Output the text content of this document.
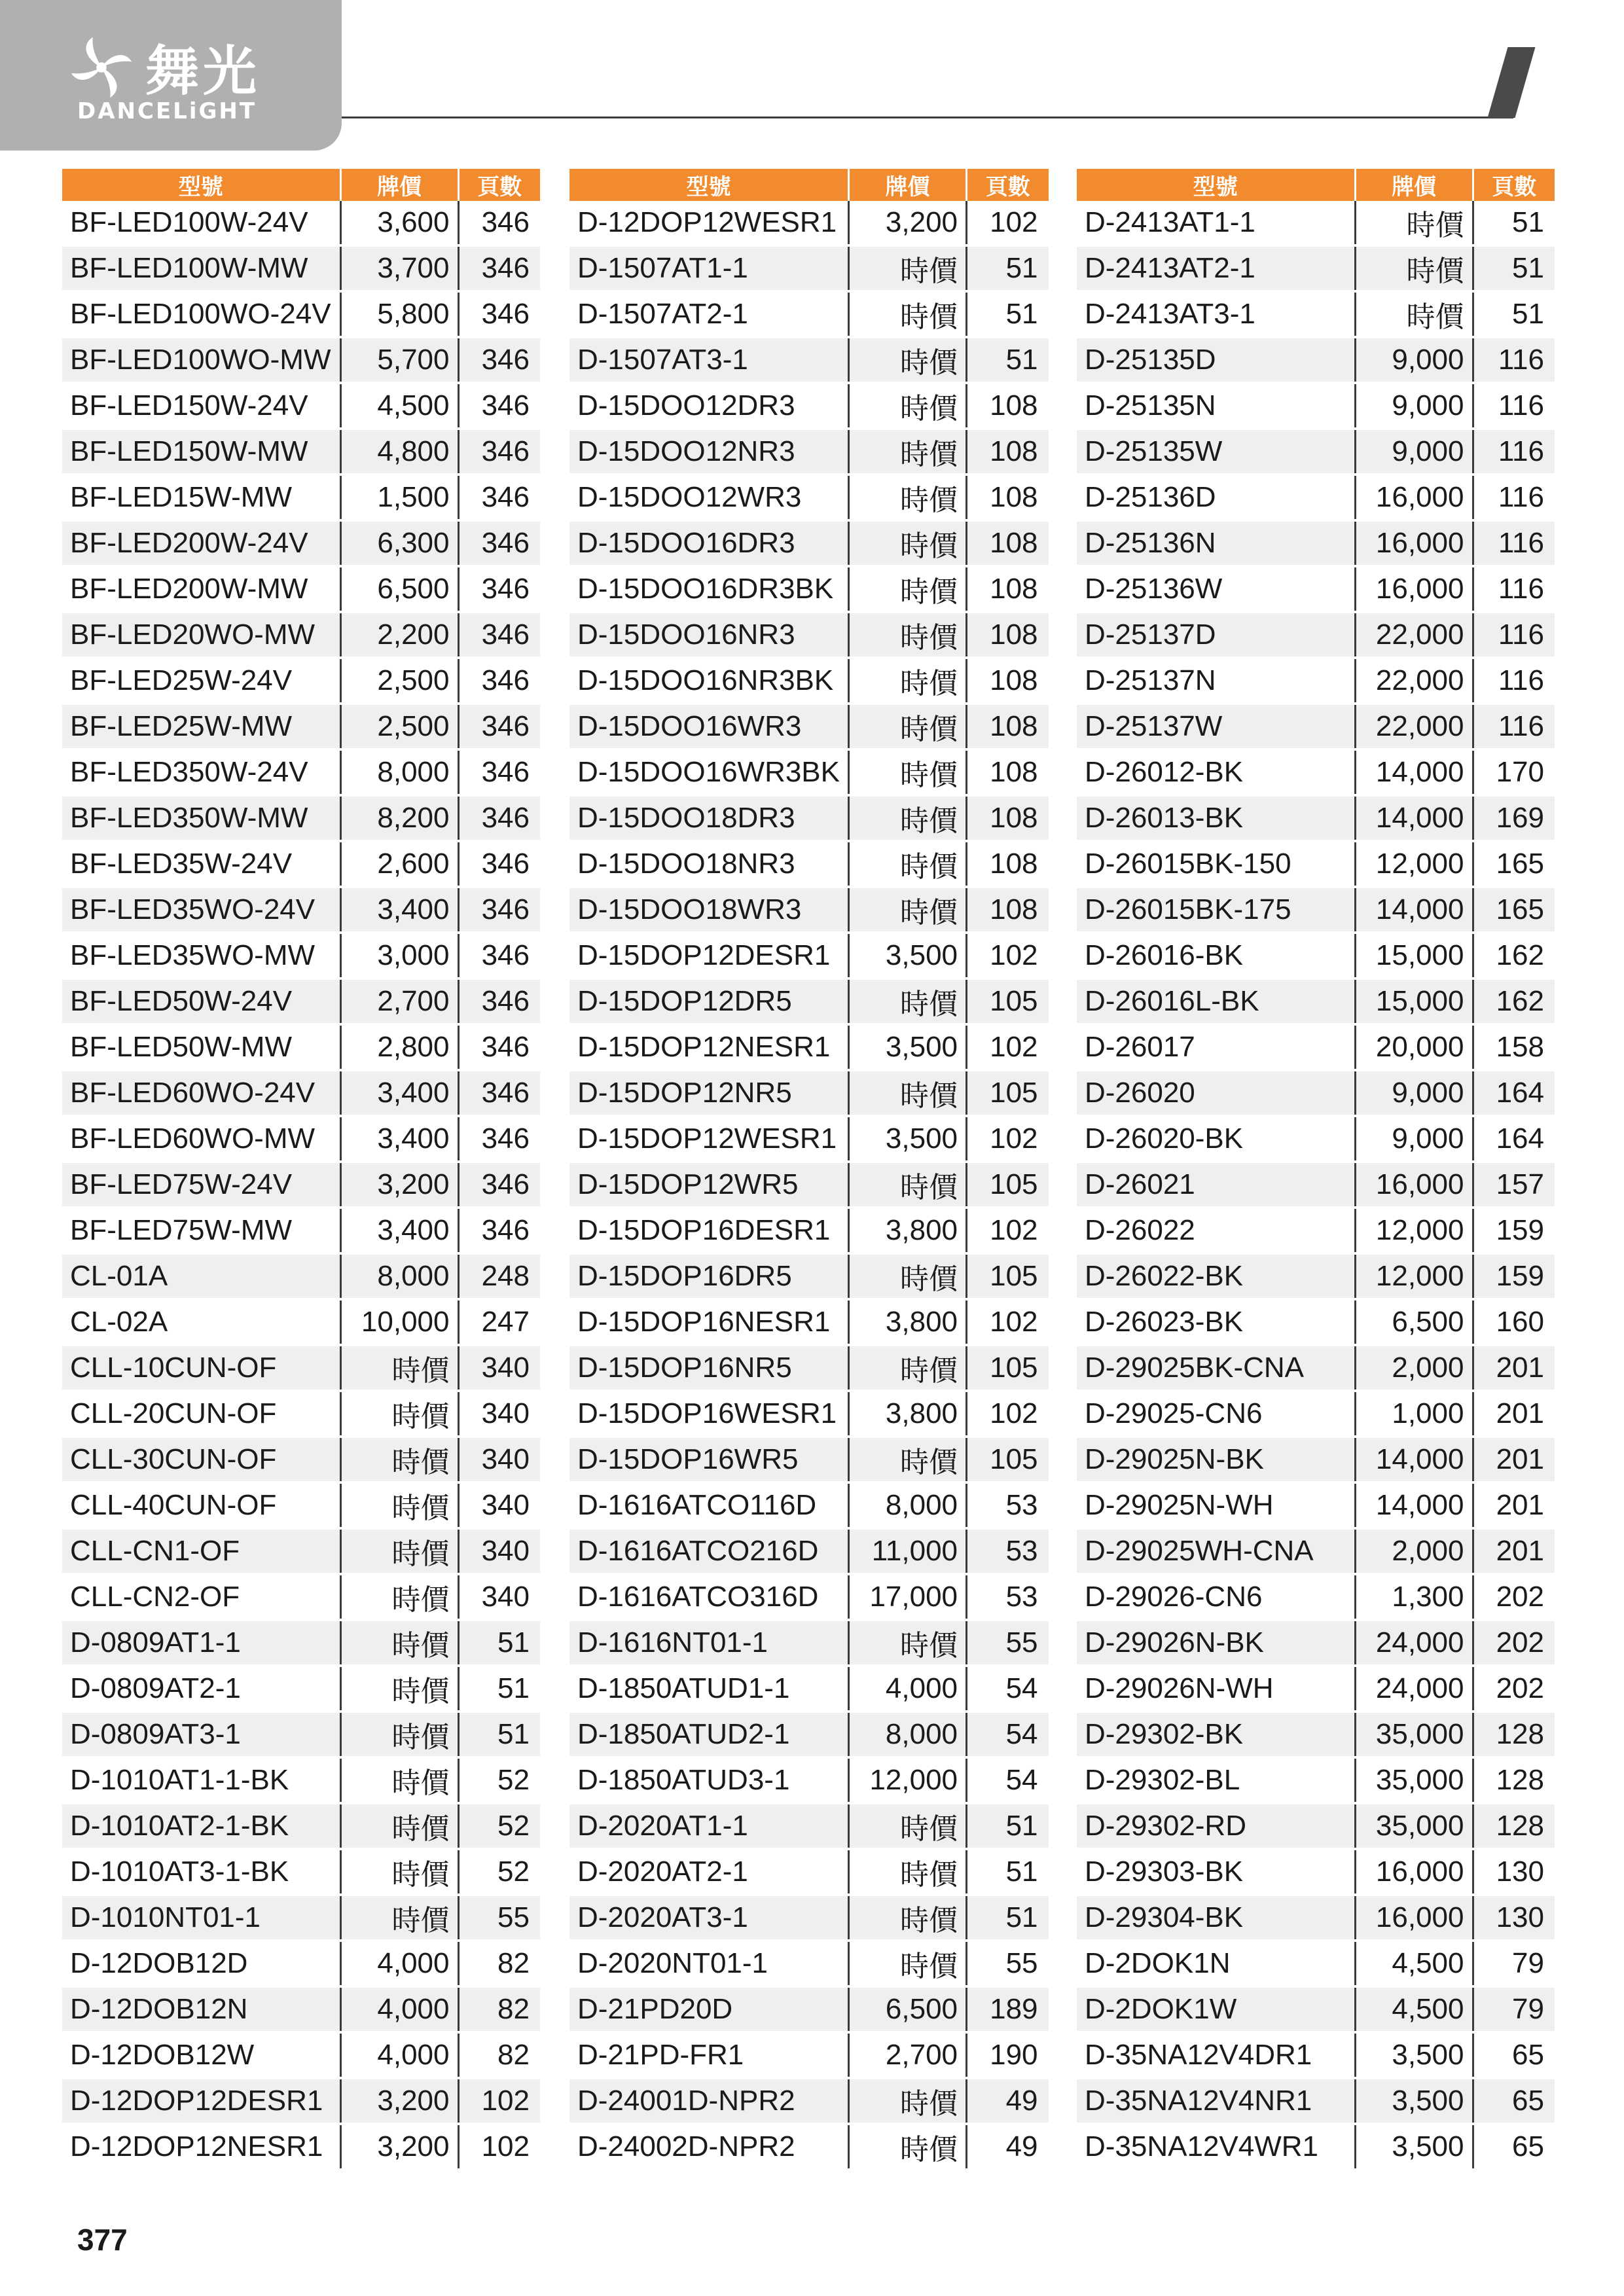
舞光
DANCELiGHT
型號	牌價	頁數
BF-LED100W-24V	3,600	346
BF-LED100W-MW	3,700	346
BF-LED100WO-24V	5,800	346
BF-LED100WO-MW	5,700	346
BF-LED150W-24V	4,500	346
BF-LED150W-MW	4,800	346
BF-LED15W-MW	1,500	346
BF-LED200W-24V	6,300	346
BF-LED200W-MW	6,500	346
BF-LED20WO-MW	2,200	346
BF-LED25W-24V	2,500	346
BF-LED25W-MW	2,500	346
BF-LED350W-24V	8,000	346
BF-LED350W-MW	8,200	346
BF-LED35W-24V	2,600	346
BF-LED35WO-24V	3,400	346
BF-LED35WO-MW	3,000	346
BF-LED50W-24V	2,700	346
BF-LED50W-MW	2,800	346
BF-LED60WO-24V	3,400	346
BF-LED60WO-MW	3,400	346
BF-LED75W-24V	3,200	346
BF-LED75W-MW	3,400	346
CL-01A	8,000	248
CL-02A	10,000	247
CLL-10CUN-OF	時價	340
CLL-20CUN-OF	時價	340
CLL-30CUN-OF	時價	340
CLL-40CUN-OF	時價	340
CLL-CN1-OF	時價	340
CLL-CN2-OF	時價	340
D-0809AT1-1	時價	51
D-0809AT2-1	時價	51
D-0809AT3-1	時價	51
D-1010AT1-1-BK	時價	52
D-1010AT2-1-BK	時價	52
D-1010AT3-1-BK	時價	52
D-1010NT01-1	時價	55
D-12DOB12D	4,000	82
D-12DOB12N	4,000	82
D-12DOB12W	4,000	82
D-12DOP12DESR1	3,200	102
D-12DOP12NESR1	3,200	102
型號	牌價	頁數
D-12DOP12WESR1	3,200	102
D-1507AT1-1	時價	51
D-1507AT2-1	時價	51
D-1507AT3-1	時價	51
D-15DOO12DR3	時價	108
D-15DOO12NR3	時價	108
D-15DOO12WR3	時價	108
D-15DOO16DR3	時價	108
D-15DOO16DR3BK	時價	108
D-15DOO16NR3	時價	108
D-15DOO16NR3BK	時價	108
D-15DOO16WR3	時價	108
D-15DOO16WR3BK	時價	108
D-15DOO18DR3	時價	108
D-15DOO18NR3	時價	108
D-15DOO18WR3	時價	108
D-15DOP12DESR1	3,500	102
D-15DOP12DR5	時價	105
D-15DOP12NESR1	3,500	102
D-15DOP12NR5	時價	105
D-15DOP12WESR1	3,500	102
D-15DOP12WR5	時價	105
D-15DOP16DESR1	3,800	102
D-15DOP16DR5	時價	105
D-15DOP16NESR1	3,800	102
D-15DOP16NR5	時價	105
D-15DOP16WESR1	3,800	102
D-15DOP16WR5	時價	105
D-1616ATCO116D	8,000	53
D-1616ATCO216D	11,000	53
D-1616ATCO316D	17,000	53
D-1616NT01-1	時價	55
D-1850ATUD1-1	4,000	54
D-1850ATUD2-1	8,000	54
D-1850ATUD3-1	12,000	54
D-2020AT1-1	時價	51
D-2020AT2-1	時價	51
D-2020AT3-1	時價	51
D-2020NT01-1	時價	55
D-21PD20D	6,500	189
D-21PD-FR1	2,700	190
D-24001D-NPR2	時價	49
D-24002D-NPR2	時價	49
型號	牌價	頁數
D-2413AT1-1	時價	51
D-2413AT2-1	時價	51
D-2413AT3-1	時價	51
D-25135D	9,000	116
D-25135N	9,000	116
D-25135W	9,000	116
D-25136D	16,000	116
D-25136N	16,000	116
D-25136W	16,000	116
D-25137D	22,000	116
D-25137N	22,000	116
D-25137W	22,000	116
D-26012-BK	14,000	170
D-26013-BK	14,000	169
D-26015BK-150	12,000	165
D-26015BK-175	14,000	165
D-26016-BK	15,000	162
D-26016L-BK	15,000	162
D-26017	20,000	158
D-26020	9,000	164
D-26020-BK	9,000	164
D-26021	16,000	157
D-26022	12,000	159
D-26022-BK	12,000	159
D-26023-BK	6,500	160
D-29025BK-CNA	2,000	201
D-29025-CN6	1,000	201
D-29025N-BK	14,000	201
D-29025N-WH	14,000	201
D-29025WH-CNA	2,000	201
D-29026-CN6	1,300	202
D-29026N-BK	24,000	202
D-29026N-WH	24,000	202
D-29302-BK	35,000	128
D-29302-BL	35,000	128
D-29302-RD	35,000	128
D-29303-BK	16,000	130
D-29304-BK	16,000	130
D-2DOK1N	4,500	79
D-2DOK1W	4,500	79
D-35NA12V4DR1	3,500	65
D-35NA12V4NR1	3,500	65
D-35NA12V4WR1	3,500	65
377
